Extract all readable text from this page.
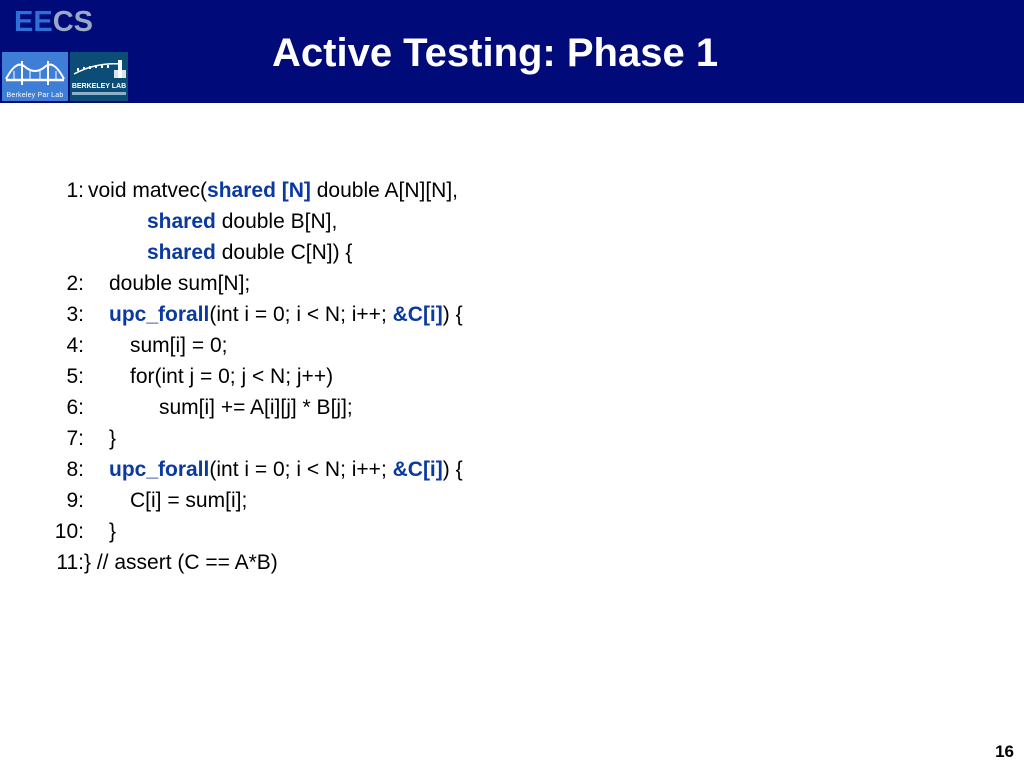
EECS
Berkeley Par Lab
BERKELEY LAB
Active Testing: Phase 1
1: void matvec(shared [N] double A[N][N],
shared double B[N],
shared double C[N]) {
2: double sum[N];
3: upc_forall(int i = 0; i < N; i++; &C[i]) {
4: sum[i] = 0;
5: for(int j = 0; j < N; j++)
6:	sum[i] += A[i][j] * B[j];
7: }
8: upc_forall(int i = 0; i < N; i++; &C[i]) {
9: C[i] = sum[i];
10: }
11: } // assert (C == A*B)
16
